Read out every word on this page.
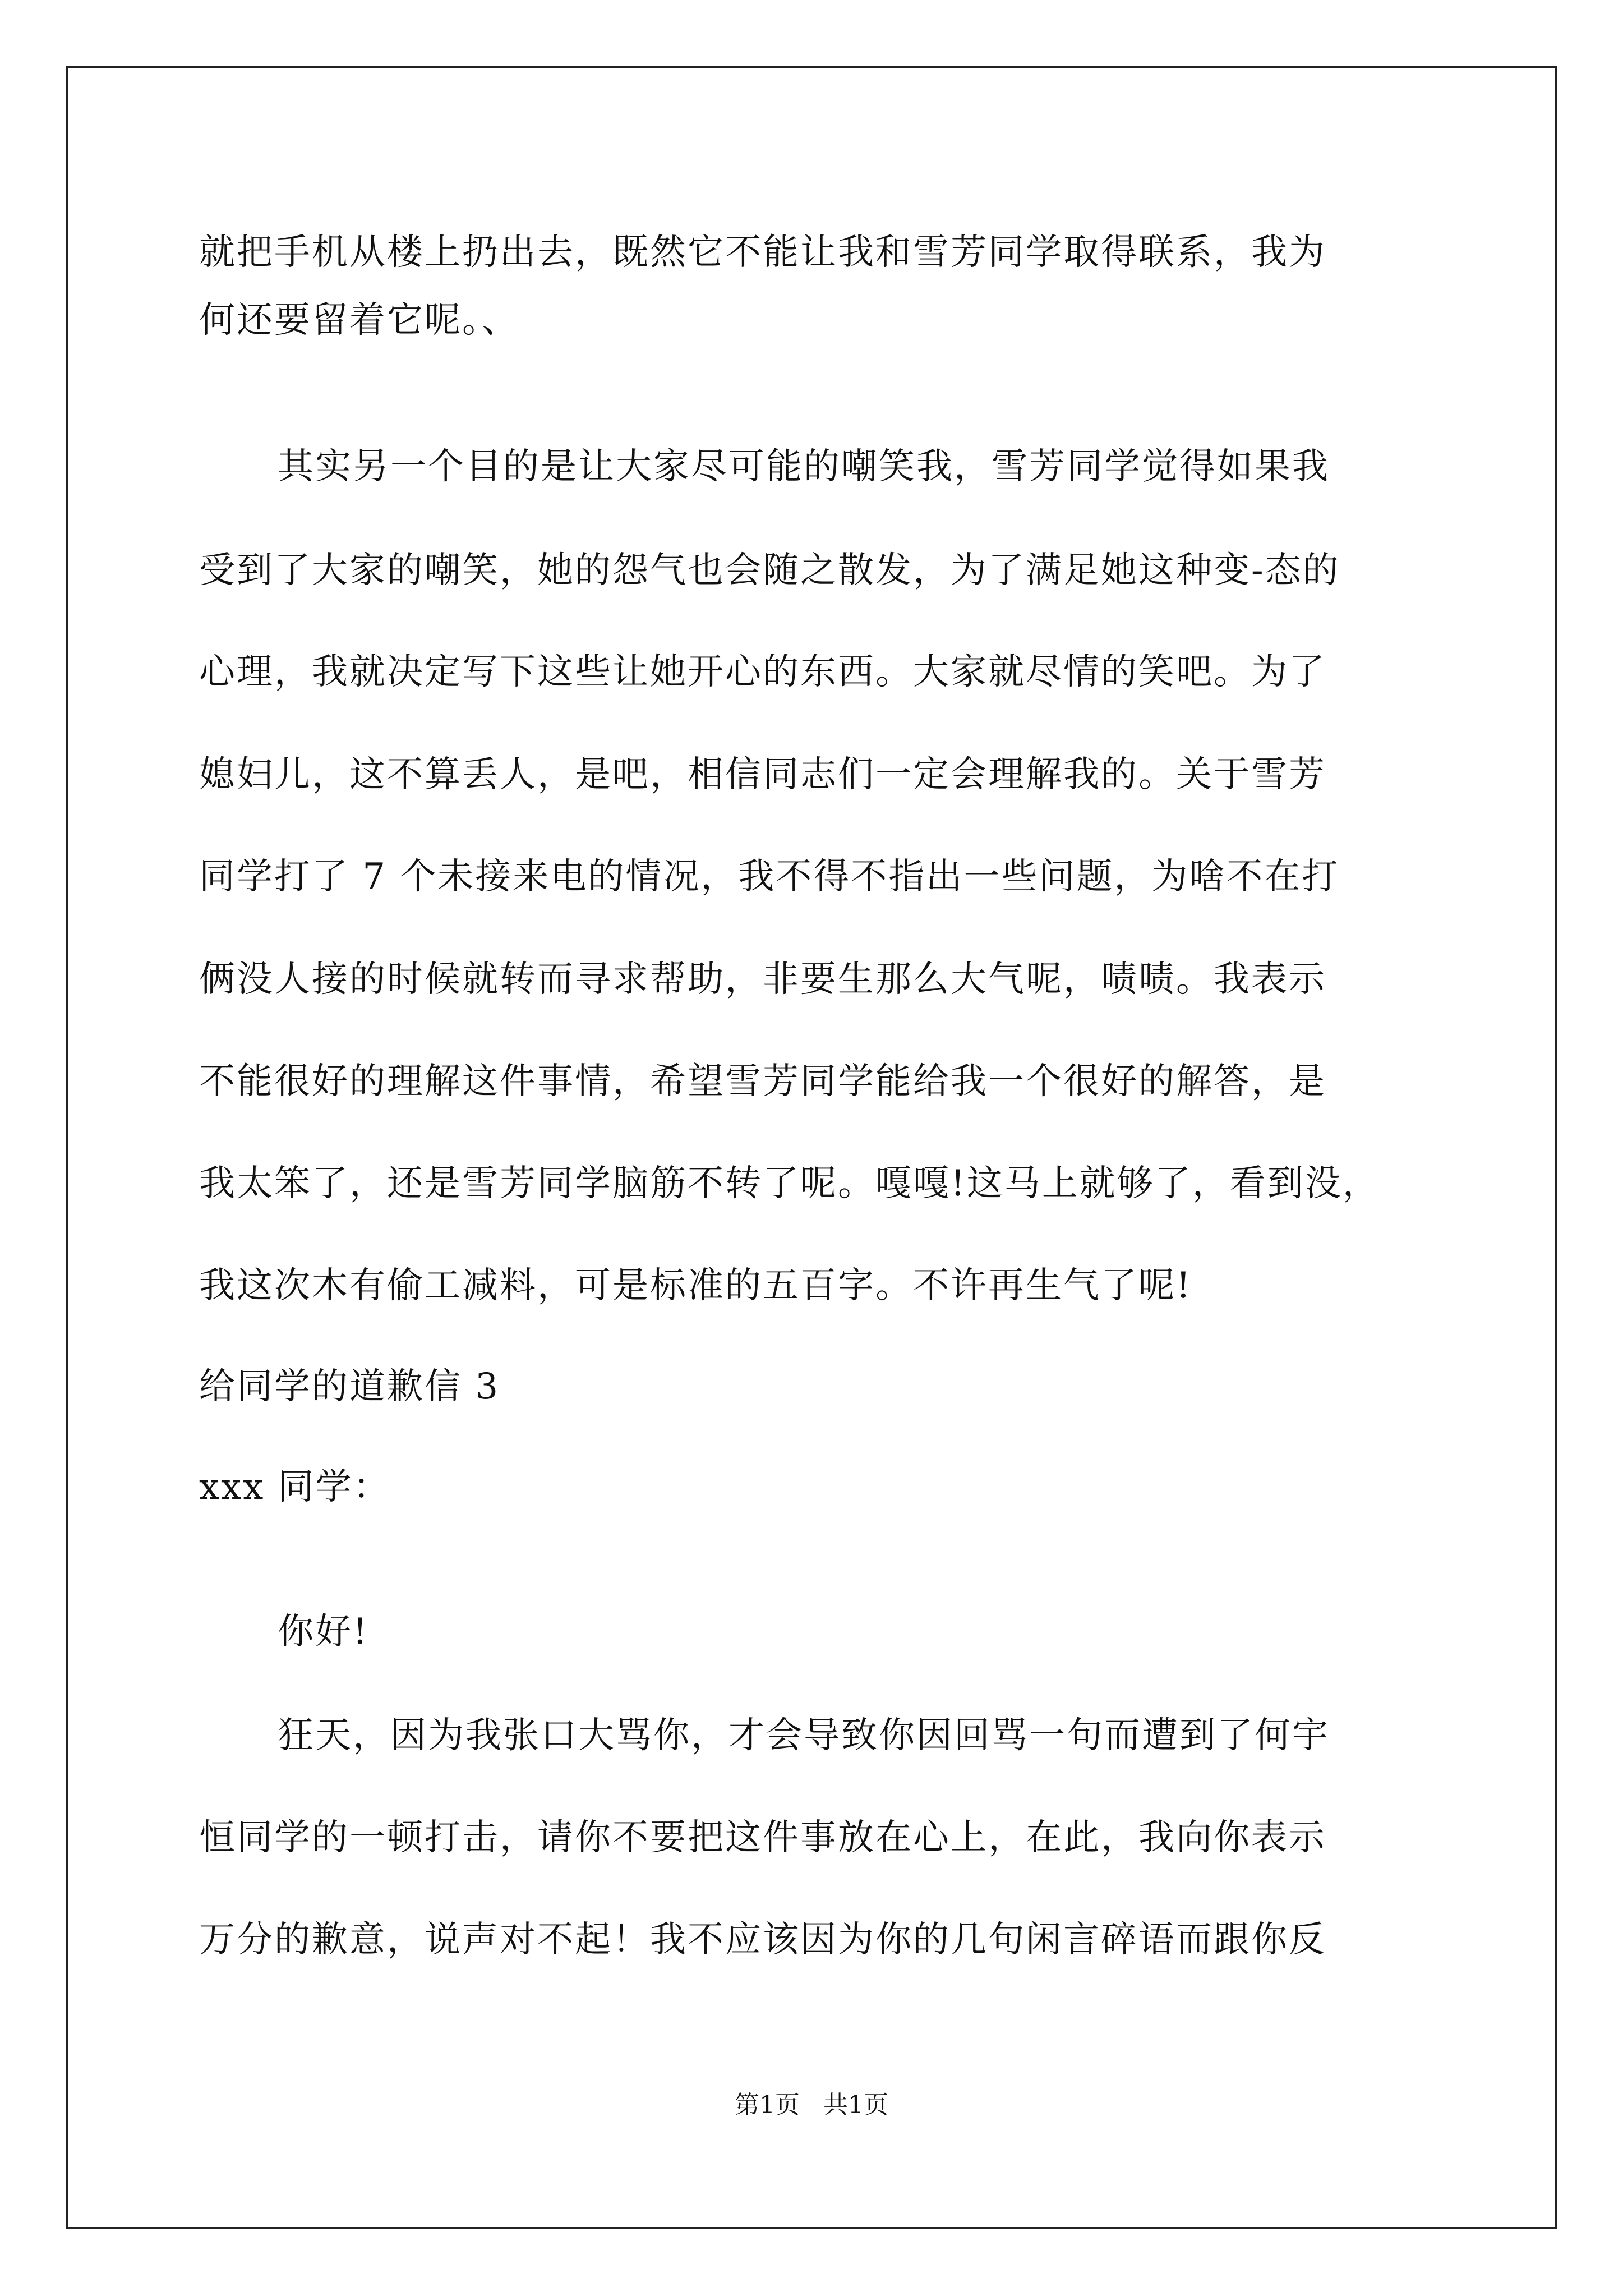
就把手机从楼上扔出去，既然它不能让我和雪芳同学取得联系，我为
何还要留着它呢。、
其实另一个目的是让大家尽可能的嘲笑我，雪芳同学觉得如果我
受到了大家的嘲笑，她的怨气也会随之散发，为了满足她这种变-态的
心理，我就决定写下这些让她开心的东西。大家就尽情的笑吧。为了
媳妇儿，这不算丢人，是吧，相信同志们一定会理解我的。关于雪芳
同学打了 7 个未接来电的情况，我不得不指出一些问题，为啥不在打
俩没人接的时候就转而寻求帮助，非要生那么大气呢，啧啧。我表示
不能很好的理解这件事情，希望雪芳同学能给我一个很好的解答，是
我太笨了，还是雪芳同学脑筋不转了呢。嘎嘎!这马上就够了，看到没，
我这次木有偷工减料，可是标准的五百字。不许再生气了呢!
给同学的道歉信 3
xxx 同学：
你好!
狂天，因为我张口大骂你，才会导致你因回骂一句而遭到了何宇
恒同学的一顿打击，请你不要把这件事放在心上，在此，我向你表示
万分的歉意，说声对不起！我不应该因为你的几句闲言碎语而跟你反
第1页   共1页
